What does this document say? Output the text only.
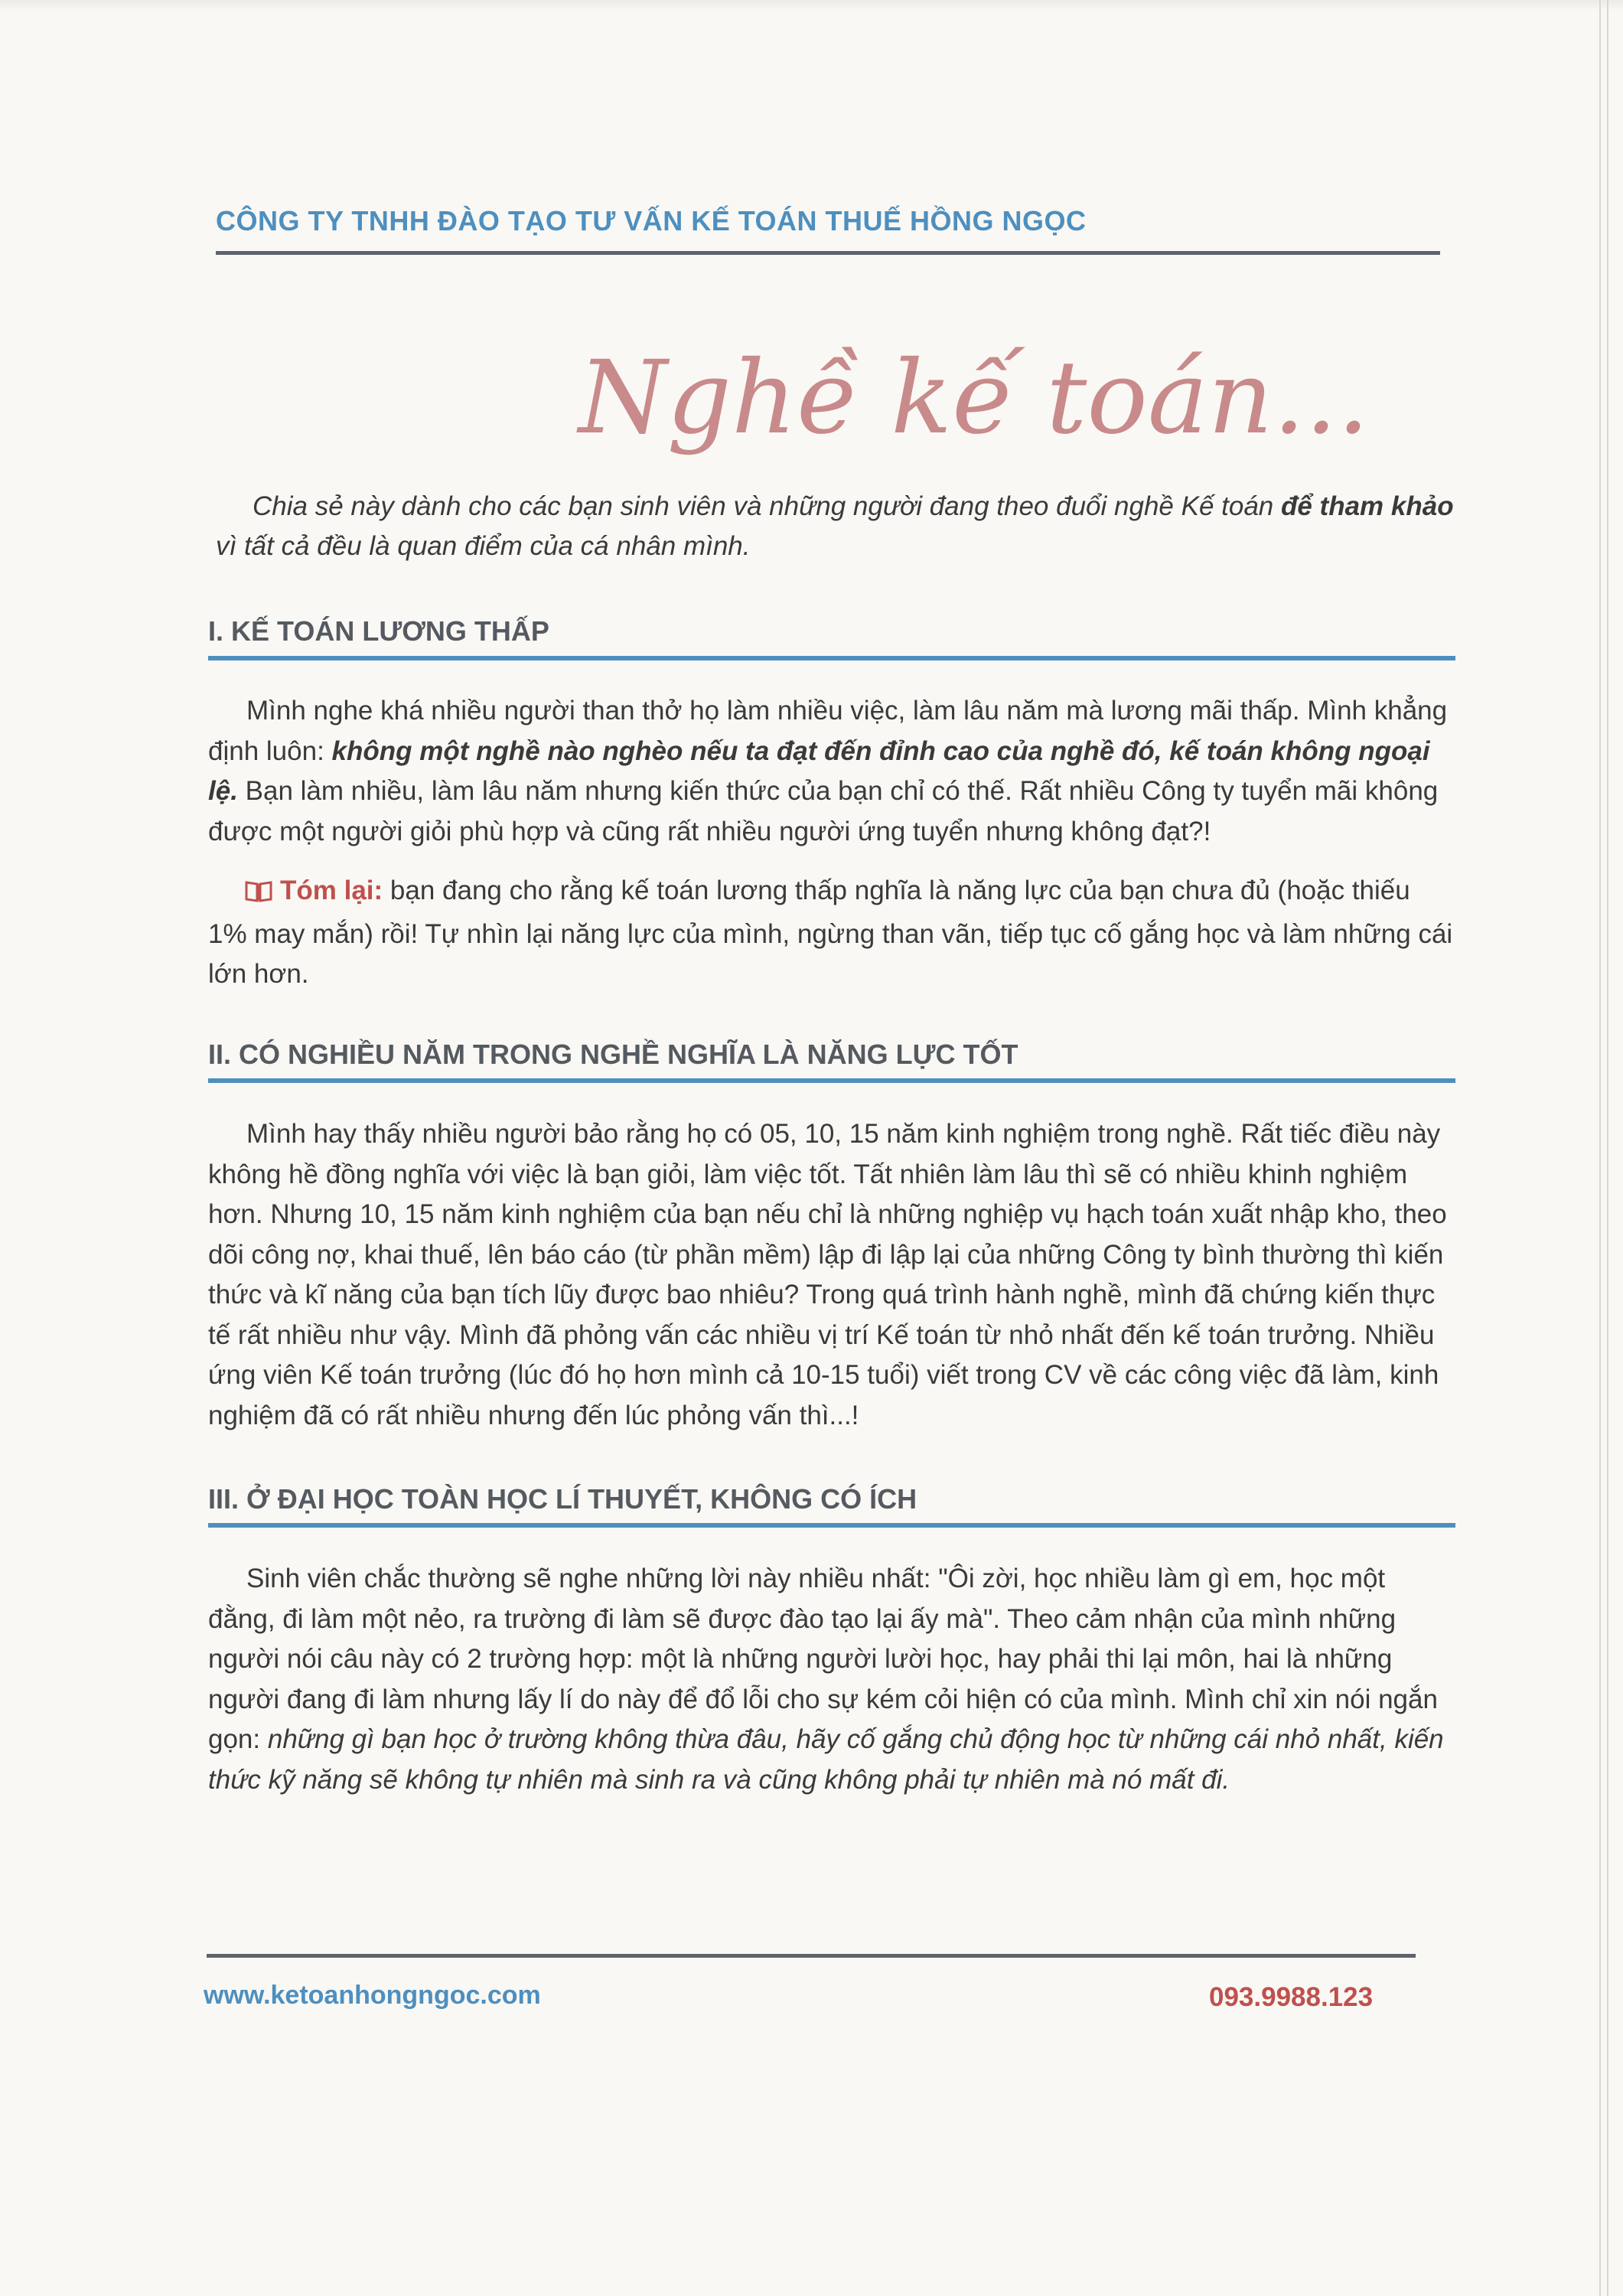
CÔNG TY TNHH ĐÀO TẠO TƯ VẤN KẾ TOÁN THUẾ HỒNG NGỌC
Nghề kế toán...
Chia sẻ này dành cho các bạn sinh viên và những người đang theo đuổi nghề Kế toán để tham khảo vì tất cả đều là quan điểm của cá nhân mình.
I. KẾ TOÁN LƯƠNG THẤP
Mình nghe khá nhiều người than thở họ làm nhiều việc, làm lâu năm mà lương mãi thấp. Mình khẳng định luôn: không một nghề nào nghèo nếu ta đạt đến đỉnh cao của nghề đó, kế toán không ngoại lệ. Bạn làm nhiều, làm lâu năm nhưng kiến thức của bạn chỉ có thế. Rất nhiều Công ty tuyển mãi không được một người giỏi phù hợp và cũng rất nhiều người ứng tuyển nhưng không đạt?!
Tóm lại: bạn đang cho rằng kế toán lương thấp nghĩa là năng lực của bạn chưa đủ (hoặc thiếu 1% may mắn) rồi! Tự nhìn lại năng lực của mình, ngừng than vãn, tiếp tục cố gắng học và làm những cái lớn hơn.
II. CÓ NGHIỀU NĂM TRONG NGHỀ NGHĨA LÀ NĂNG LỰC TỐT
Mình hay thấy nhiều người bảo rằng họ có 05, 10, 15 năm kinh nghiệm trong nghề. Rất tiếc điều này không hề đồng nghĩa với việc là bạn giỏi, làm việc tốt. Tất nhiên làm lâu thì sẽ có nhiều khinh nghiệm hơn. Nhưng 10, 15 năm kinh nghiệm của bạn nếu chỉ là những nghiệp vụ hạch toán xuất nhập kho, theo dõi công nợ, khai thuế, lên báo cáo (từ phần mềm) lập đi lập lại của những Công ty bình thường thì kiến thức và kĩ năng của bạn tích lũy được bao nhiêu? Trong quá trình hành nghề, mình đã chứng kiến thực tế rất nhiều như vậy. Mình đã phỏng vấn các nhiều vị trí Kế toán từ nhỏ nhất đến kế toán trưởng. Nhiều ứng viên Kế toán trưởng (lúc đó họ hơn mình cả 10-15 tuổi) viết trong CV về các công việc đã làm, kinh nghiệm đã có rất nhiều nhưng đến lúc phỏng vấn thì...!
III. Ở ĐẠI HỌC TOÀN HỌC LÍ THUYẾT, KHÔNG CÓ ÍCH
Sinh viên chắc thường sẽ nghe những lời này nhiều nhất: "Ôi zời, học nhiều làm gì em, học một đằng, đi làm một nẻo, ra trường đi làm sẽ được đào tạo lại ấy mà". Theo cảm nhận của mình những người nói câu này có 2 trường hợp: một là những người lười học, hay phải thi lại môn, hai là những người đang đi làm nhưng lấy lí do này để đổ lỗi cho sự kém cỏi hiện có của mình. Mình chỉ xin nói ngắn gọn: những gì bạn học ở trường không thừa đâu, hãy cố gắng chủ động học từ những cái nhỏ nhất, kiến thức kỹ năng sẽ không tự nhiên mà sinh ra và cũng không phải tự nhiên mà nó mất đi.
www.ketoanhongngoc.com	093.9988.123
